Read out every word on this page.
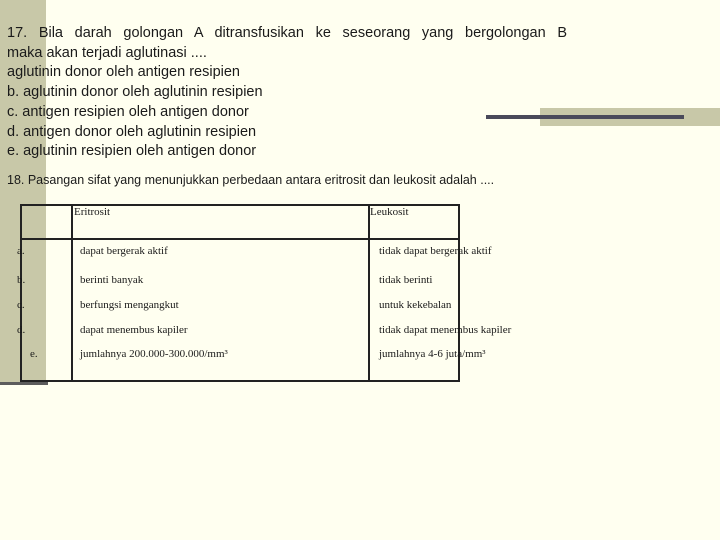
17. Bila darah golongan A ditransfusikan ke seseorang yang bergolongan B
maka akan terjadi aglutinasi ....
aglutinin donor oleh antigen resipien
b. aglutinin donor oleh aglutinin resipien
c. antigen resipien oleh antigen donor
d. antigen donor oleh aglutinin resipien
e. aglutinin resipien oleh antigen donor
18. Pasangan sifat yang menunjukkan perbedaan antara eritrosit dan leukosit adalah ....
Eritrosit	Leukosit
a.	dapat bergerak aktif	tidak dapat bergerak aktif
b.	berinti banyak	tidak berinti
c.	berfungsi mengangkut	untuk kekebalan
d.	dapat menembus kapiler	tidak dapat menembus kapiler
e.	jumlahnya 200.000-300.000/mm³	jumlahnya 4-6 juta/mm³
